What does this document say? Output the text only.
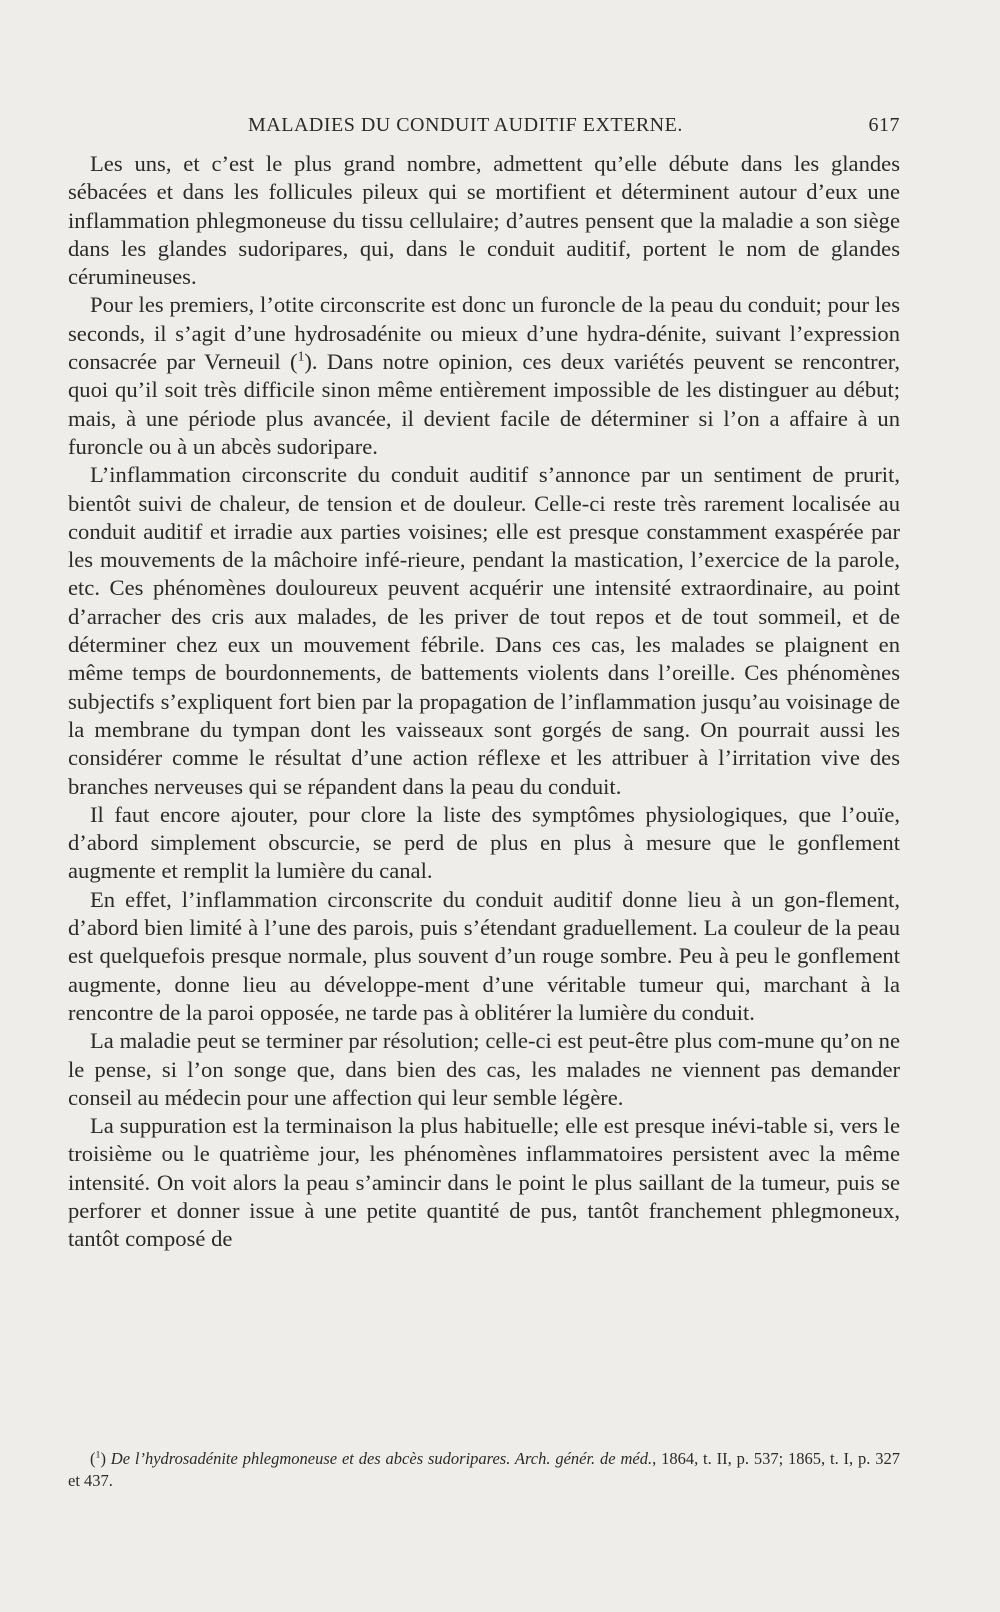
MALADIES DU CONDUIT AUDITIF EXTERNE.	617

Les uns, et c’est le plus grand nombre, admettent qu’elle débute dans les glandes sébacées et dans les follicules pileux qui se mortifient et déterminent autour d’eux une inflammation phlegmoneuse du tissu cellulaire; d’autres pensent que la maladie a son siège dans les glandes sudoripares, qui, dans le conduit auditif, portent le nom de glandes cérumineuses.

Pour les premiers, l’otite circonscrite est donc un furoncle de la peau du conduit; pour les seconds, il s’agit d’une hydrosadénite ou mieux d’une hydra-dénite, suivant l’expression consacrée par Verneuil ($^1$). Dans notre opinion, ces deux variétés peuvent se rencontrer, quoi qu’il soit très difficile sinon même entièrement impossible de les distinguer au début; mais, à une période plus avancée, il devient facile de déterminer si l’on a affaire à un furoncle ou à un abcès sudoripare.

L’inflammation circonscrite du conduit auditif s’annonce par un sentiment de prurit, bientôt suivi de chaleur, de tension et de douleur. Celle-ci reste très rarement localisée au conduit auditif et irradie aux parties voisines; elle est presque constamment exaspérée par les mouvements de la mâchoire infé-rieure, pendant la mastication, l’exercice de la parole, etc. Ces phénomènes douloureux peuvent acquérir une intensité extraordinaire, au point d’arracher des cris aux malades, de les priver de tout repos et de tout sommeil, et de déterminer chez eux un mouvement fébrile. Dans ces cas, les malades se plaignent en même temps de bourdonnements, de battements violents dans l’oreille. Ces phénomènes subjectifs s’expliquent fort bien par la propagation de l’inflammation jusqu’au voisinage de la membrane du tympan dont les vaisseaux sont gorgés de sang. On pourrait aussi les considérer comme le résultat d’une action réflexe et les attribuer à l’irritation vive des branches nerveuses qui se répandent dans la peau du conduit.

Il faut encore ajouter, pour clore la liste des symptômes physiologiques, que l’ouïe, d’abord simplement obscurcie, se perd de plus en plus à mesure que le gonflement augmente et remplit la lumière du canal.

En effet, l’inflammation circonscrite du conduit auditif donne lieu à un gon-flement, d’abord bien limité à l’une des parois, puis s’étendant graduellement. La couleur de la peau est quelquefois presque normale, plus souvent d’un rouge sombre. Peu à peu le gonflement augmente, donne lieu au développe-ment d’une véritable tumeur qui, marchant à la rencontre de la paroi opposée, ne tarde pas à oblitérer la lumière du conduit.

La maladie peut se terminer par résolution; celle-ci est peut-être plus com-mune qu’on ne le pense, si l’on songe que, dans bien des cas, les malades ne viennent pas demander conseil au médecin pour une affection qui leur semble légère.

La suppuration est la terminaison la plus habituelle; elle est presque inévi-table si, vers le troisième ou le quatrième jour, les phénomènes inflammatoires persistent avec la même intensité. On voit alors la peau s’amincir dans le point le plus saillant de la tumeur, puis se perforer et donner issue à une petite quantité de pus, tantôt franchement phlegmoneux, tantôt composé de

($^1$) De l’hydrosadénite phlegmoneuse et des abcès sudoripares. Arch. génér. de méd., 1864, t. II, p. 537; 1865, t. I, p. 327 et 437.
